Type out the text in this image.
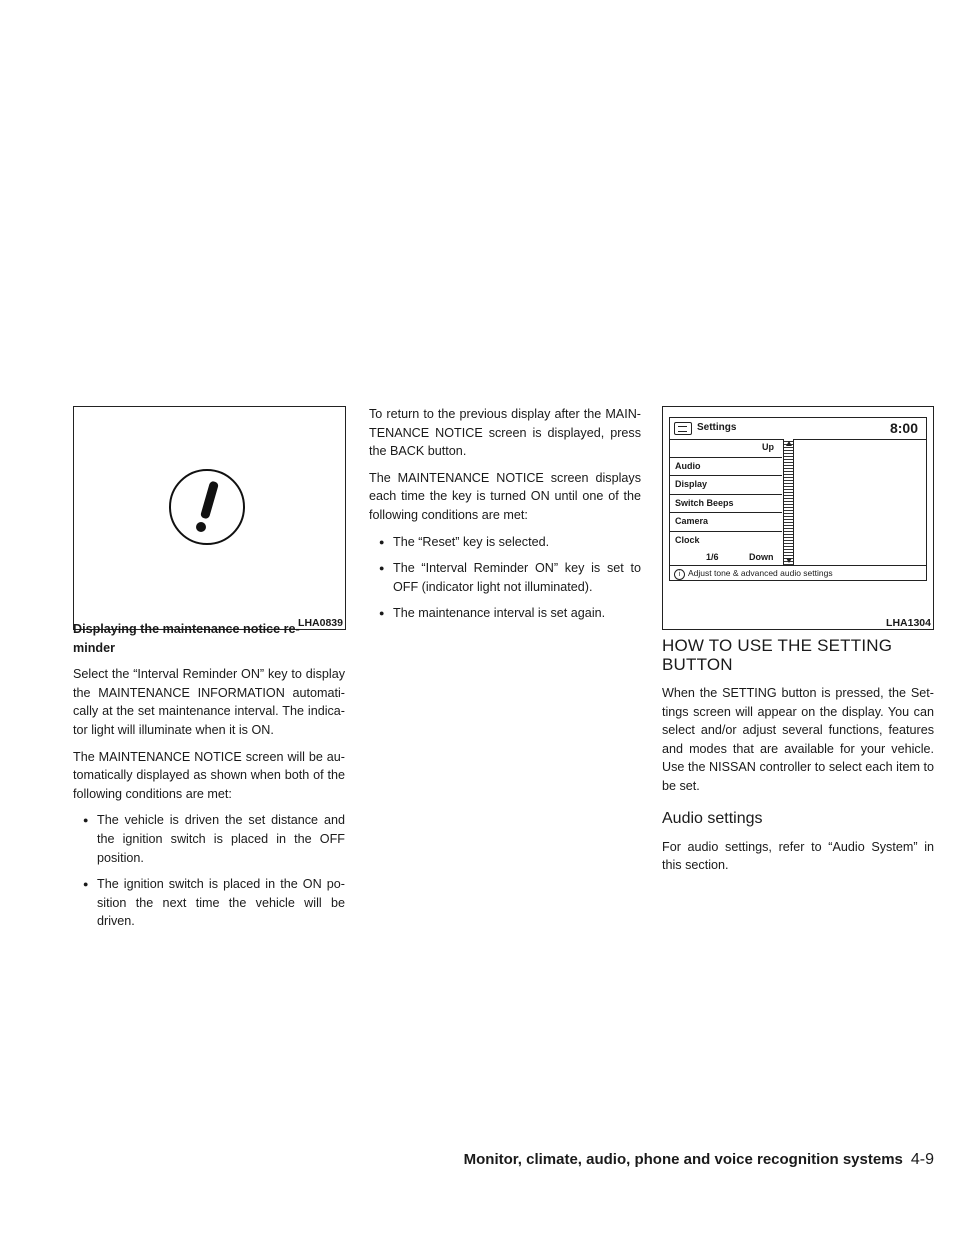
LHA0839
Settings	8:00
Up
Audio
Display
Switch Beeps
Camera
Clock
1/6	Down
i Adjust tone & advanced audio settings
LHA1304

Displaying the maintenance notice re-
minder

Select the “Interval Reminder ON” key to display the MAINTENANCE INFORMATION automati-cally at the set maintenance interval. The indica-tor light will illuminate when it is ON.

The MAINTENANCE NOTICE screen will be au-tomatically displayed as shown when both of the following conditions are met:

● The vehicle is driven the set distance and the ignition switch is placed in the OFF position.
● The ignition switch is placed in the ON po-sition the next time the vehicle will be driven.

To return to the previous display after the MAIN-TENANCE NOTICE screen is displayed, press the BACK button.

The MAINTENANCE NOTICE screen displays each time the key is turned ON until one of the following conditions are met:

● The “Reset” key is selected.
● The “Interval Reminder ON” key is set to OFF (indicator light not illuminated).
● The maintenance interval is set again.
HOW TO USE THE SETTING BUTTON

When the SETTING button is pressed, the Set-tings screen will appear on the display. You can select and/or adjust several functions, features and modes that are available for your vehicle. Use the NISSAN controller to select each item to be set.

Audio settings

For audio settings, refer to “Audio System” in this section.

Monitor, climate, audio, phone and voice recognition systems 4-9
